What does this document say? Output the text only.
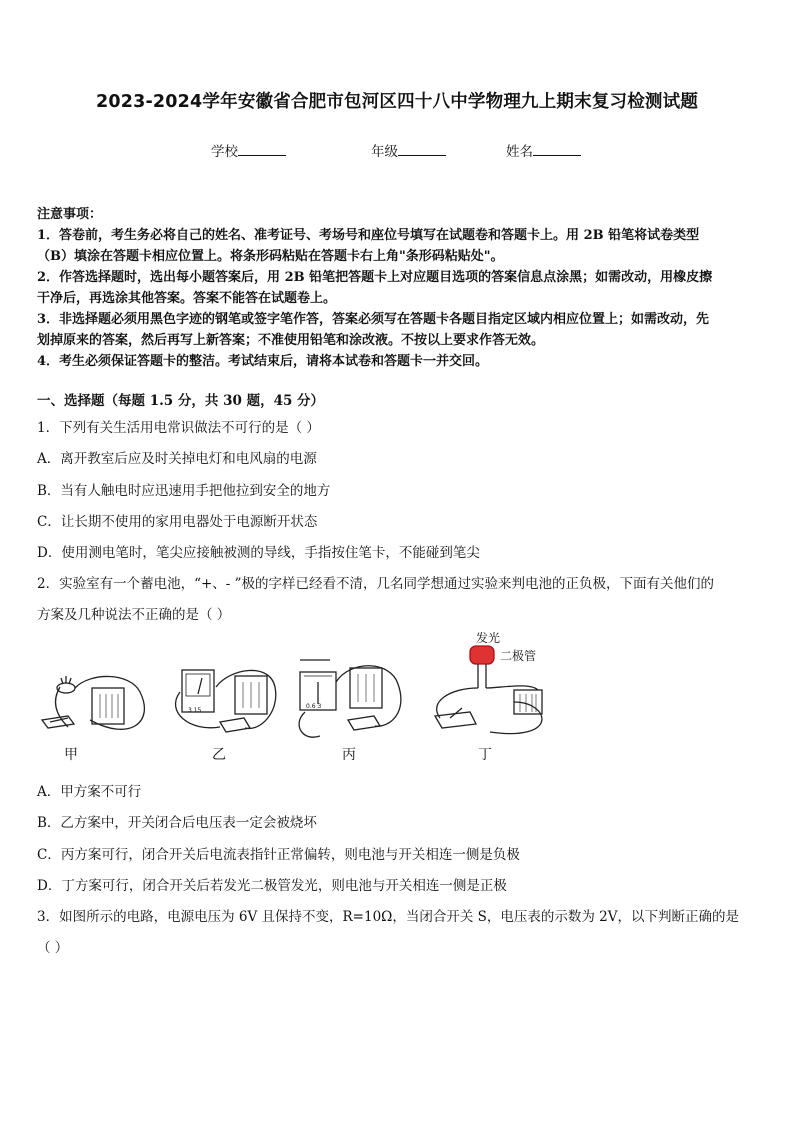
2023-2024学年安徽省合肥市包河区四十八中学物理九上期末复习检测试题
学校	年级	姓名
注意事项：
1．答卷前，考生务必将自己的姓名、准考证号、考场号和座位号填写在试题卷和答题卡上。用 2B 铅笔将试卷类型
（B）填涂在答题卡相应位置上。将条形码粘贴在答题卡右上角"条形码粘贴处"。
2．作答选择题时，选出每小题答案后，用 2B 铅笔把答题卡上对应题目选项的答案信息点涂黑；如需改动，用橡皮擦
干净后，再选涂其他答案。答案不能答在试题卷上。
3．非选择题必须用黑色字迹的钢笔或签字笔作答，答案必须写在答题卡各题目指定区域内相应位置上；如需改动，先
划掉原来的答案，然后再写上新答案；不准使用铅笔和涂改液。不按以上要求作答无效。
4．考生必须保证答题卡的整洁。考试结束后，请将本试卷和答题卡一并交回。
一、选择题（每题 1.5 分，共 30 题，45 分）
1．下列有关生活用电常识做法不可行的是（ ）
A．离开教室后应及时关掉电灯和电风扇的电源
B．当有人触电时应迅速用手把他拉到安全的地方
C．让长期不使用的家用电器处于电源断开状态
D．使用测电笔时，笔尖应接触被测的导线，手指按住笔卡，不能碰到笔尖
2．实验室有一个蓄电池，“+、- ”极的字样已经看不清，几名同学想通过实验来判电池的正负极，下面有关他们的
方案及几种说法不正确的是（ ）
发光
二极管
3 15
0.6 3
甲	乙	丙	丁
A．甲方案不可行
B．乙方案中，开关闭合后电压表一定会被烧坏
C．丙方案可行，闭合开关后电流表指针正常偏转，则电池与开关相连一侧是负极
D．丁方案可行，闭合开关后若发光二极管发光，则电池与开关相连一侧是正极
3．如图所示的电路，电源电压为 6V 且保持不变，R=10Ω，当闭合开关 S，电压表的示数为 2V，以下判断正确的是
（ ）
